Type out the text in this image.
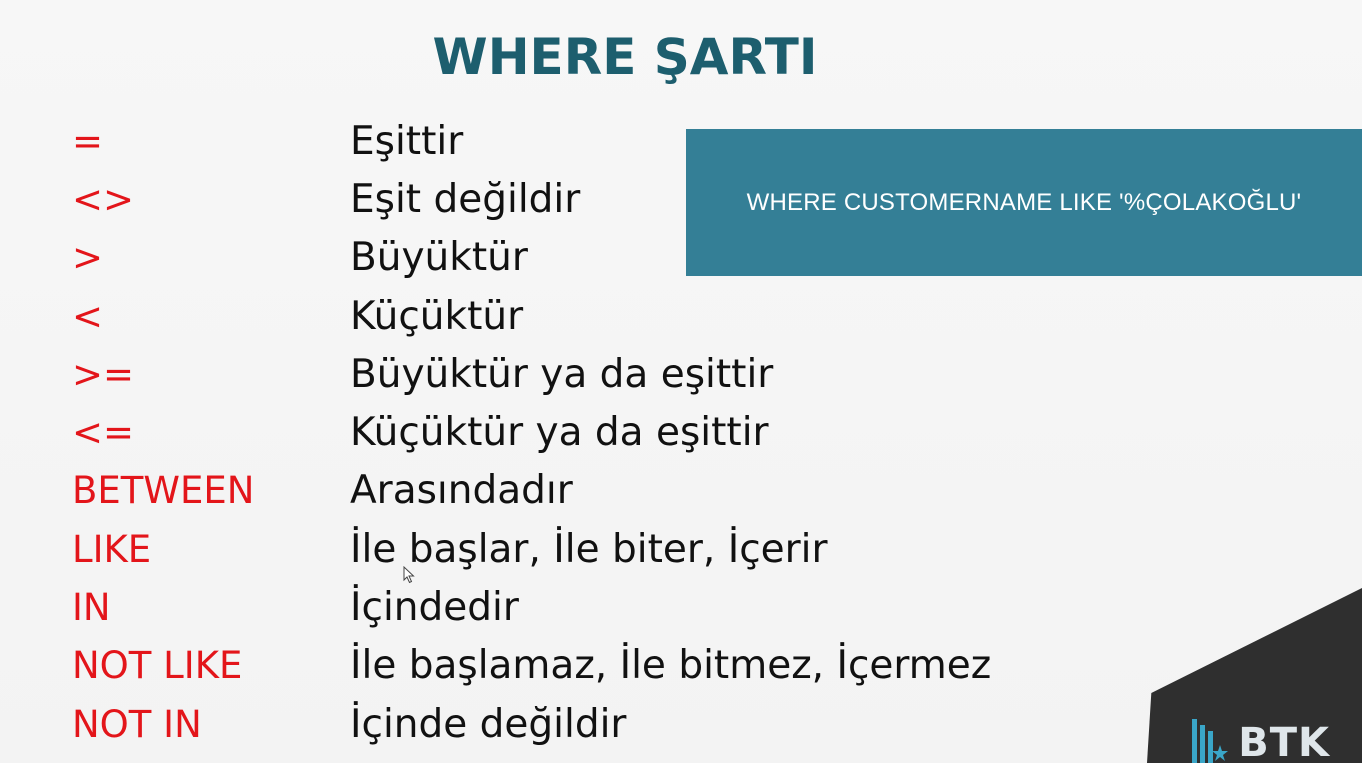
WHERE ŞARTI
=	Eşittir
<>	Eşit değildir
>	Büyüktür
<	Küçüktür
>=	Büyüktür ya da eşittir
<=	Küçüktür ya da eşittir
BETWEEN	Arasındadır
LIKE	İle başlar, İle biter, İçerir
IN	İçindedir
NOT LIKE	İle başlamaz, İle bitmez, İçermez
NOT IN	İçinde değildir
WHERE CUSTOMERNAME LIKE '%ÇOLAKOĞLU'
BTK
